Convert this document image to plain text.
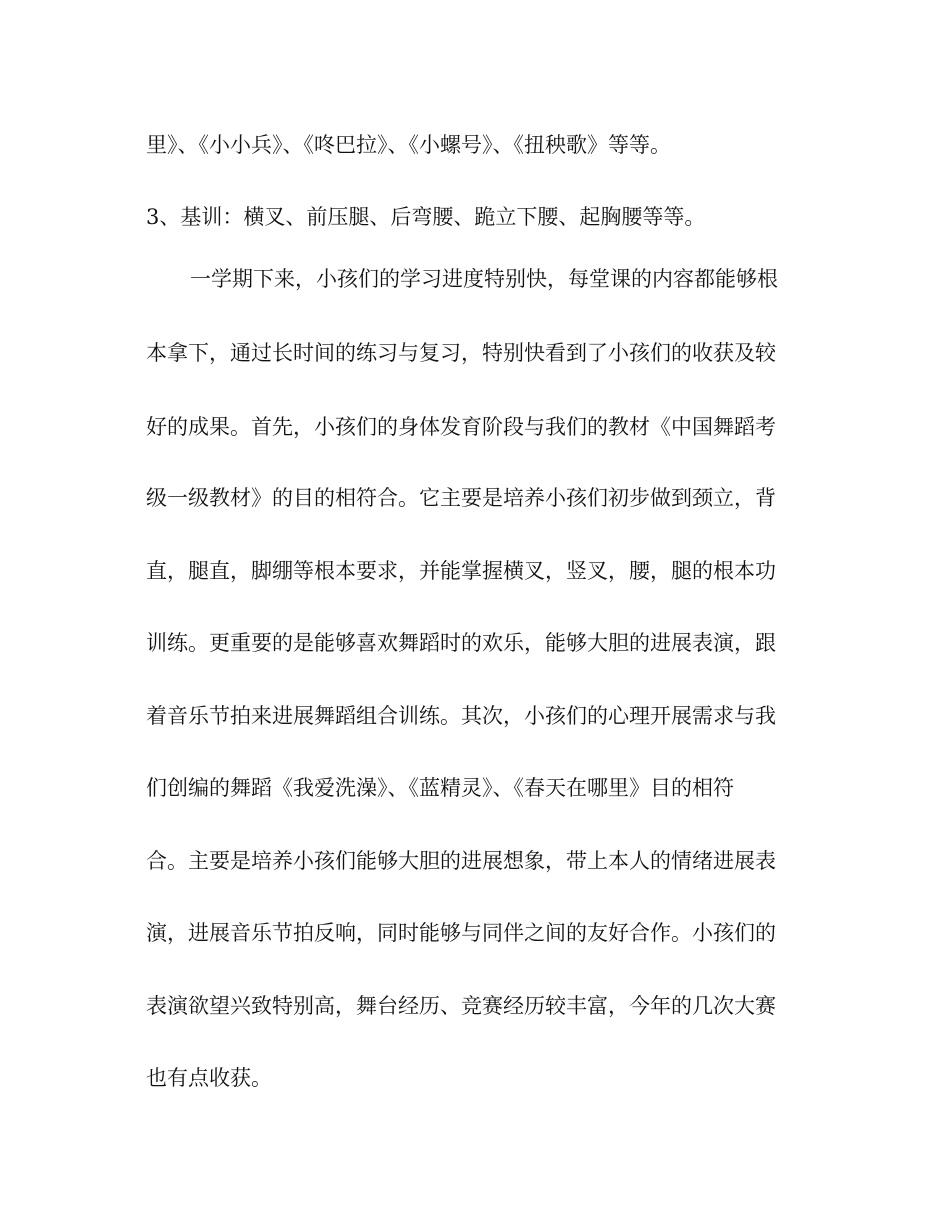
里》、《小小兵》、《咚巴拉》、《小螺号》、《扭秧歌》等等。

3、基训：横叉、前压腿、后弯腰、跪立下腰、起胸腰等等。

一学期下来，小孩们的学习进度特别快，每堂课的内容都能够根

本拿下，通过长时间的练习与复习，特别快看到了小孩们的收获及较

好的成果。首先，小孩们的身体发育阶段与我们的教材《中国舞蹈考

级一级教材》的目的相符合。它主要是培养小孩们初步做到颈立，背

直，腿直，脚绷等根本要求，并能掌握横叉，竖叉，腰，腿的根本功

训练。更重要的是能够喜欢舞蹈时的欢乐，能够大胆的进展表演，跟

着音乐节拍来进展舞蹈组合训练。其次，小孩们的心理开展需求与我

们创编的舞蹈《我爱洗澡》、《蓝精灵》、《春天在哪里》目的相符

合。主要是培养小孩们能够大胆的进展想象，带上本人的情绪进展表

演，进展音乐节拍反响，同时能够与同伴之间的友好合作。小孩们的

表演欲望兴致特别高，舞台经历、竞赛经历较丰富，今年的几次大赛

也有点收获。
